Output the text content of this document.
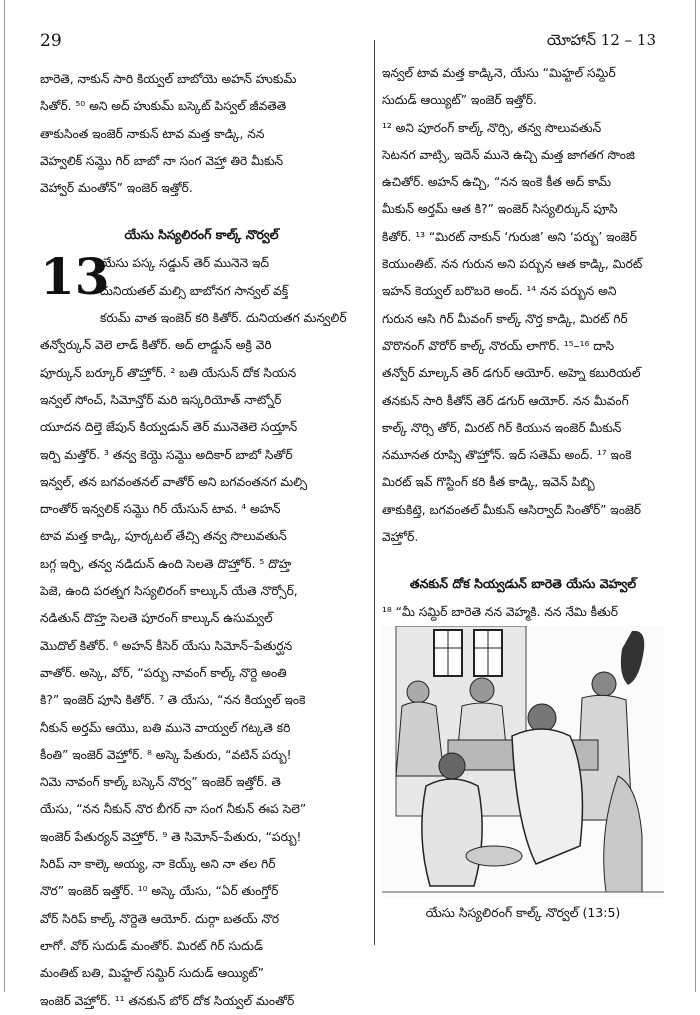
29	యోహాన్ 12 – 13
బారెతె, నాకున్ సారి కియ్వల్ బాబోయె అహన్ హుకుమ్
సితోర్. ⁵⁰ అని అద్ హుకుమ్ బస్కెట్ పిస్వల్ జీవతెతె
తాకుసింత ఇంజెర్ నాకున్ టావ మత్త కాడ్కి, నన
వెహ్వలిక్ సమ్దొ గిర్ బాబో నా సంగ వెహ్తా తిరె మీకున్
వెహ్వార్ మంతోన్” ఇంజెర్ ఇత్తోర్.
యేసు సిస్యలిరంగ్ కాల్క్ నొర్వల్
13
యేసు పస్క సడ్డున్ తెర్ మునెనె ఇద్
దునియతల్ మల్సి బాబోనగ సాన్వల్ వక్త్
కరుమ్ వాత ఇంజెర్ కరి కితోర్. దునియతగ మన్వలిర్
తన్వోర్కున్ వెలె లాడ్ కితోర్. అద్ లాడ్డున్ అక్రి వెరి
పూర్కున్ బర్కూర్ తొహ్తోర్. ² బతి యేసున్ దోక సియన
ఇన్వల్ సోంచ్, సిమోన్తోర్ మరి ఇస్కరియోత్ నాట్నోర్
యూదన దిల్తె జేపున్ కియ్వడున్ తెర్ మునెతెలె సయ్తాన్
ఇర్పి మత్తోర్. ³ తన్వ కెయ్దె సమ్దొ అదికార్ బాబో సితోర్
ఇన్వల్, తన బగవంతనల్ వాతోర్ అని బగవంతనగ మల్సి
దాంతోర్ ఇన్వలిక్ సమ్దొ గిర్ యేసున్ టావ. ⁴ అహన్
టావ మత్త కాడ్కి, పూర్కటల్ తేచ్సి తన్వ సొలువతున్
బగ్గ ఇర్పి, తన్వ నడిదున్ ఉంది సెలతె దొహ్తోర్. ⁵ దొహ్త
పెజె, ఉంది పరత్నగ సిస్యలిరంగ్ కాల్కున్ యేతె నొర్సోర్,
నడితున్ దొహ్త సెలతె పూరంగ్ కాల్కున్ ఉసుమ్వల్
మొదొల్ కితోర్. ⁶ అహన్ కీసెర్ యేసు సిమోన్–పేతుర్ఘన
వాతోర్. అస్కె, వోర్, “పర్బు నావంగ్ కాల్క్ నొర్దె అంతి
కి?” ఇంజెర్ పూసి కితోర్. ⁷ తె యేసు, “నన కియ్వల్ ఇంకె
నీకున్ అర్తమ్ ఆయొ, బతి మునె వాయ్వల్ గట్కతె కరి
కీంతి” ఇంజెర్ వెహ్తోర్. ⁸ అస్కె పేతురు, “వటిన్ పర్బు!
నిమె నావంగ్ కాల్క్ బస్కెన్ నొర్వ” ఇంజెర్ ఇత్తోర్. తె
యేసు, “నన నీకున్ నొర బీగర్ నా సంగ నీకున్ ఈప సెలె”
ఇంజెర్ పేతుర్యన్ వెహ్తోర్. ⁹ తె సిమోన్–పేతురు, “పర్బు!
సిరిప్ నా కాల్కె అయ్య, నా కెయ్క్ అని నా తల గిర్
నొర” ఇంజెర్ ఇత్తోర్. ¹⁰ అస్కె యేసు, “ఏర్ తుంగ్తోర్
వోర్ సిరిప్ కాల్క్ నొర్దెతె ఆయోర్. దుర్గా బతయ్ నొర
లాగో. వోర్ సుదుడ్ మంతోర్. మిరట్ గిర్ సుదుడ్
మంతిట్ బతి, మిహ్టల్ సమ్దిర్ సుదుడ్ ఆయ్యిట్”
ఇంజెర్ వెహ్తోర్. ¹¹ తనకున్ బోర్ దోక సియ్వల్ మంతోర్
ఇన్వల్ టావ మత్త కాడ్కినె, యేసు “మిహ్టల్ సమ్దిర్
సుదుడ్ ఆయ్యిట్” ఇంజెర్ ఇత్తోర్.
¹² అని పూరంగ్ కాల్క్ నొర్సి, తన్వ సొలువతున్
సెటనగ వాట్సి, ఇదెన్ మునె ఉచ్చి మత్త జాగతగ సొంజి
ఉచితోర్. అహన్ ఉచ్చి, “నన ఇంకె కీత అద్ కామ్
మీకున్ అర్తమ్ ఆత కి?” ఇంజెర్ సిస్యలిర్కున్ పూసి
కితోర్. ¹³ “మిరట్ నాకున్ ‘గురుజి’ అని ‘పర్బు’ ఇంజెర్
కెయుంతిట్. నన గురున అని పర్బున ఆత కాడ్కి, మిరట్
ఇహన్ కెయ్వల్ బరొబరె అంద్. ¹⁴ నన పర్బున అని
గురున ఆసి గిర్ మీవంగ్ కాల్క్ నొర్త కాడ్కి, మిరట్ గిర్
వొరొనంగ్ వొరోర్ కాల్క్ నొరయ్ లాగొర్. ¹⁵–¹⁶ దాసి
తన్వోర్ మాల్కన్ తెర్ డగుర్ ఆయోర్. అహ్నె కబురియల్
తనకున్ సారి కీతోన్ తెర్ డగుర్ ఆయోర్. నన మీవంగ్
కాల్క్ నొర్సి తోర్, మిరట్ గిర్ కియున ఇంజెర్ మీకున్
నమూనత రూప్సి తొహ్తోన్. ఇద్ సతెమ్ అంద్. ¹⁷ ఇంకె
మిరట్ ఇవ్ గొస్టింగ్ కరి కీత కాడ్కి, ఇవెన్ పిబ్బి
తాకుకిట్తె, బగవంతల్ మీకున్ ఆసిర్వాద్ సింతోర్” ఇంజెర్
వెహ్తోర్.
తనకున్ దోక సియ్వడున్ బారెతె యేసు వెహ్వల్
¹⁸ “మీ సమ్దిర్ బారెతె నన వెహ్మకి. నన నేమి కీతుర్
యేసు సిస్యలిరంగ్ కాల్క్ నొర్వల్ (13:5)
